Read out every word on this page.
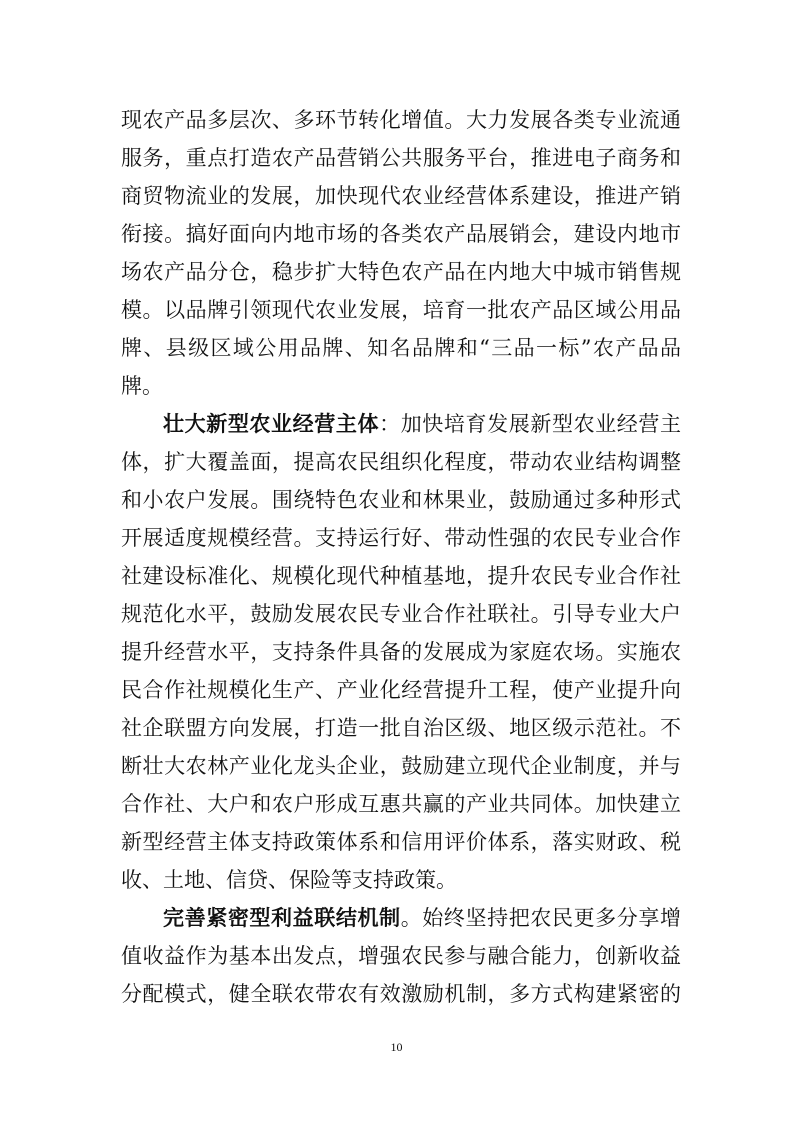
现农产品多层次、多环节转化增值。大力发展各类专业流通
服务，重点打造农产品营销公共服务平台，推进电子商务和
商贸物流业的发展，加快现代农业经营体系建设，推进产销
衔接。搞好面向内地市场的各类农产品展销会，建设内地市
场农产品分仓，稳步扩大特色农产品在内地大中城市销售规
模。以品牌引领现代农业发展，培育一批农产品区域公用品
牌、县级区域公用品牌、知名品牌和“三品一标”农产品品
牌。
壮大新型农业经营主体：加快培育发展新型农业经营主
体，扩大覆盖面，提高农民组织化程度，带动农业结构调整
和小农户发展。围绕特色农业和林果业，鼓励通过多种形式
开展适度规模经营。支持运行好、带动性强的农民专业合作
社建设标准化、规模化现代种植基地，提升农民专业合作社
规范化水平，鼓励发展农民专业合作社联社。引导专业大户
提升经营水平，支持条件具备的发展成为家庭农场。实施农
民合作社规模化生产、产业化经营提升工程，使产业提升向
社企联盟方向发展，打造一批自治区级、地区级示范社。不
断壮大农林产业化龙头企业，鼓励建立现代企业制度，并与
合作社、大户和农户形成互惠共赢的产业共同体。加快建立
新型经营主体支持政策体系和信用评价体系，落实财政、税
收、土地、信贷、保险等支持政策。
完善紧密型利益联结机制。始终坚持把农民更多分享增
值收益作为基本出发点，增强农民参与融合能力，创新收益
分配模式，健全联农带农有效激励机制，多方式构建紧密的
10
